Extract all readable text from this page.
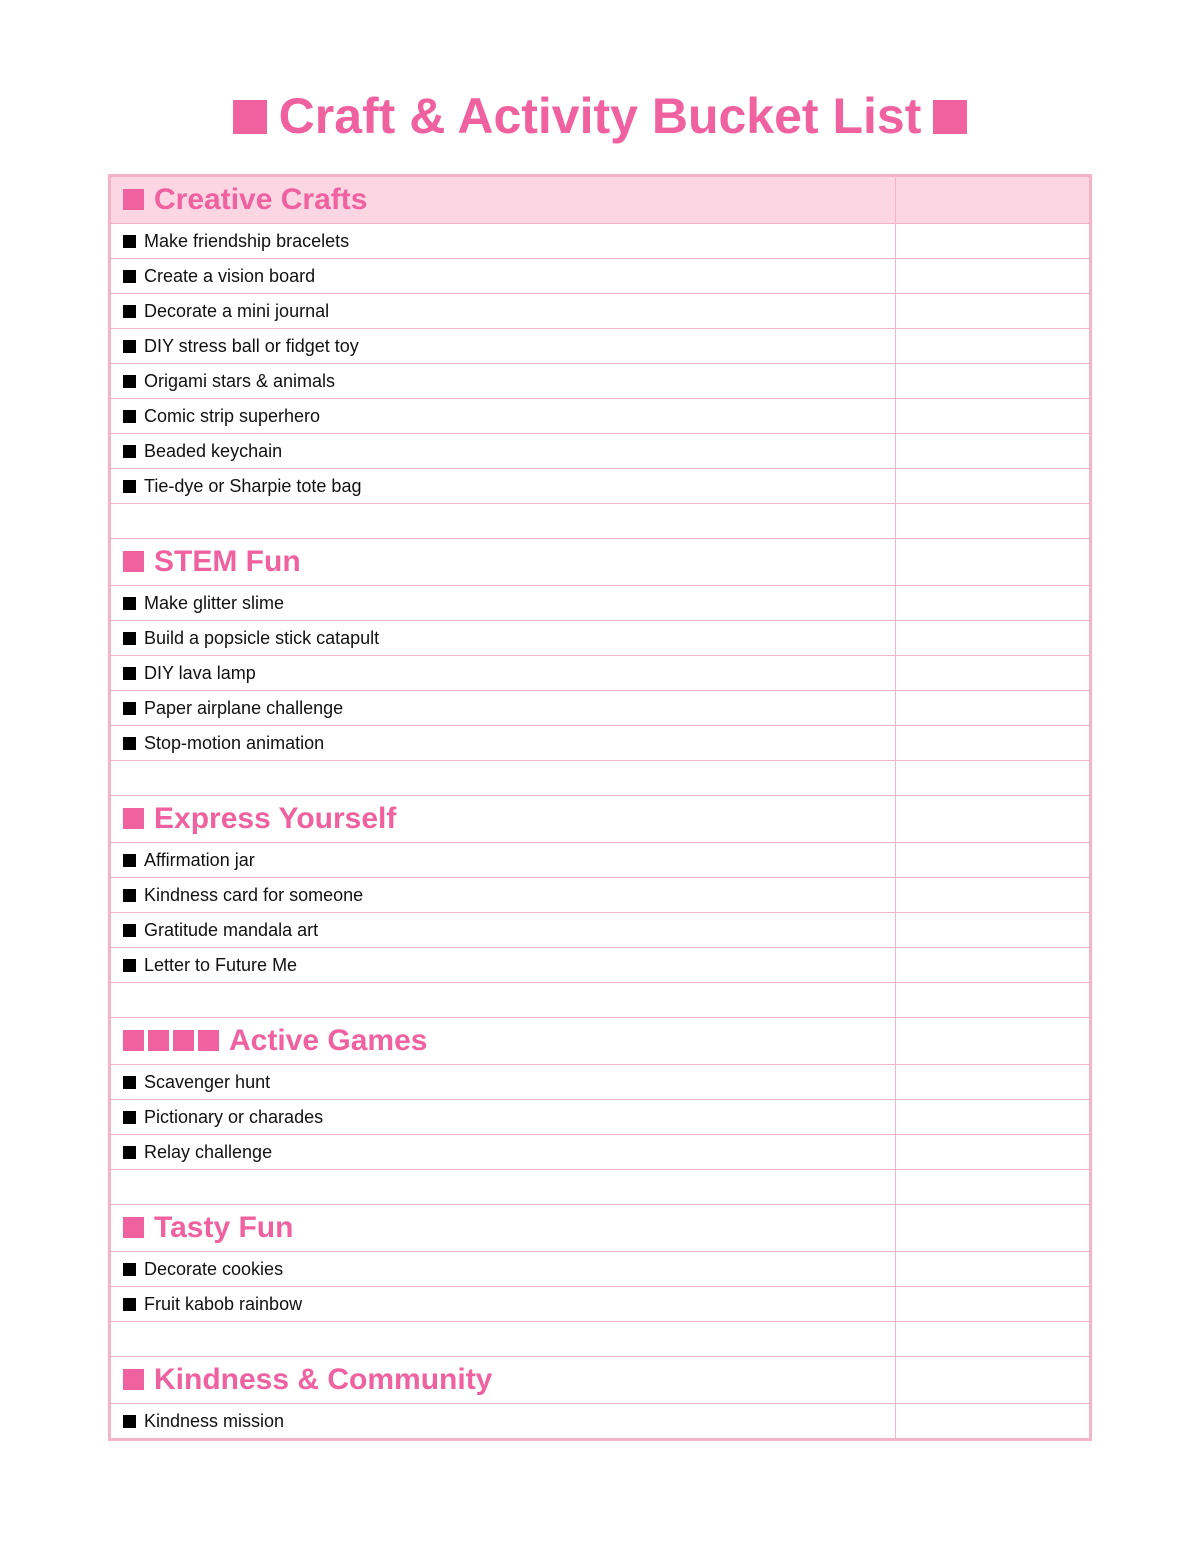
Craft & Activity Bucket List
Creative Crafts	
Make friendship bracelets	
Create a vision board	
Decorate a mini journal	
DIY stress ball or fidget toy	
Origami stars & animals	
Comic strip superhero	
Beaded keychain	
Tie-dye or Sharpie tote bag	

STEM Fun	
Make glitter slime	
Build a popsicle stick catapult	
DIY lava lamp	
Paper airplane challenge	
Stop-motion animation	

Express Yourself	
Affirmation jar	
Kindness card for someone	
Gratitude mandala art	
Letter to Future Me	

Active Games	
Scavenger hunt	
Pictionary or charades	
Relay challenge	

Tasty Fun	
Decorate cookies	
Fruit kabob rainbow	

Kindness & Community	
Kindness mission	
